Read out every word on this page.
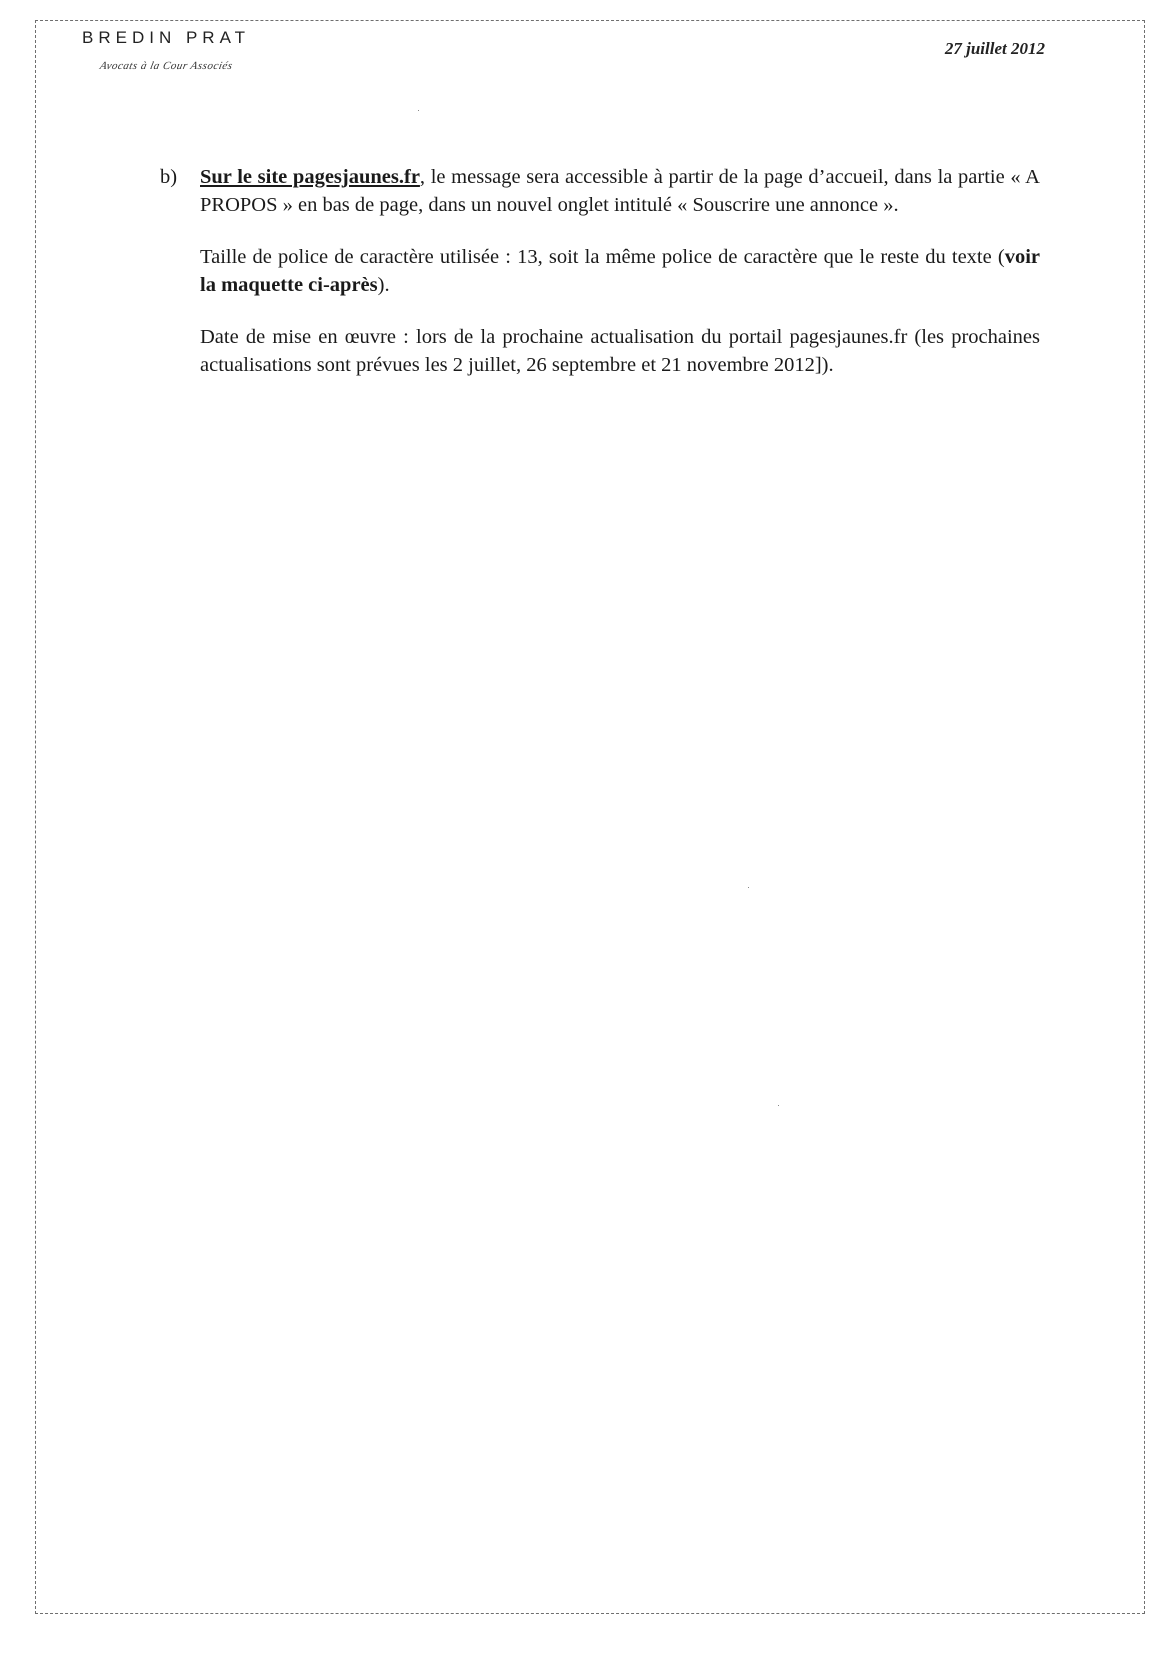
BREDIN PRAT
Avocats à la Cour Associés
27 juillet 2012
b) Sur le site pagesjaunes.fr, le message sera accessible à partir de la page d’accueil, dans la partie « A PROPOS » en bas de page, dans un nouvel onglet intitulé « Souscrire une annonce ».
Taille de police de caractère utilisée : 13, soit la même police de caractère que le reste du texte (voir la maquette ci-après).
Date de mise en œuvre : lors de la prochaine actualisation du portail pagesjaunes.fr (les prochaines actualisations sont prévues les 2 juillet, 26 septembre et 21 novembre 2012]).
